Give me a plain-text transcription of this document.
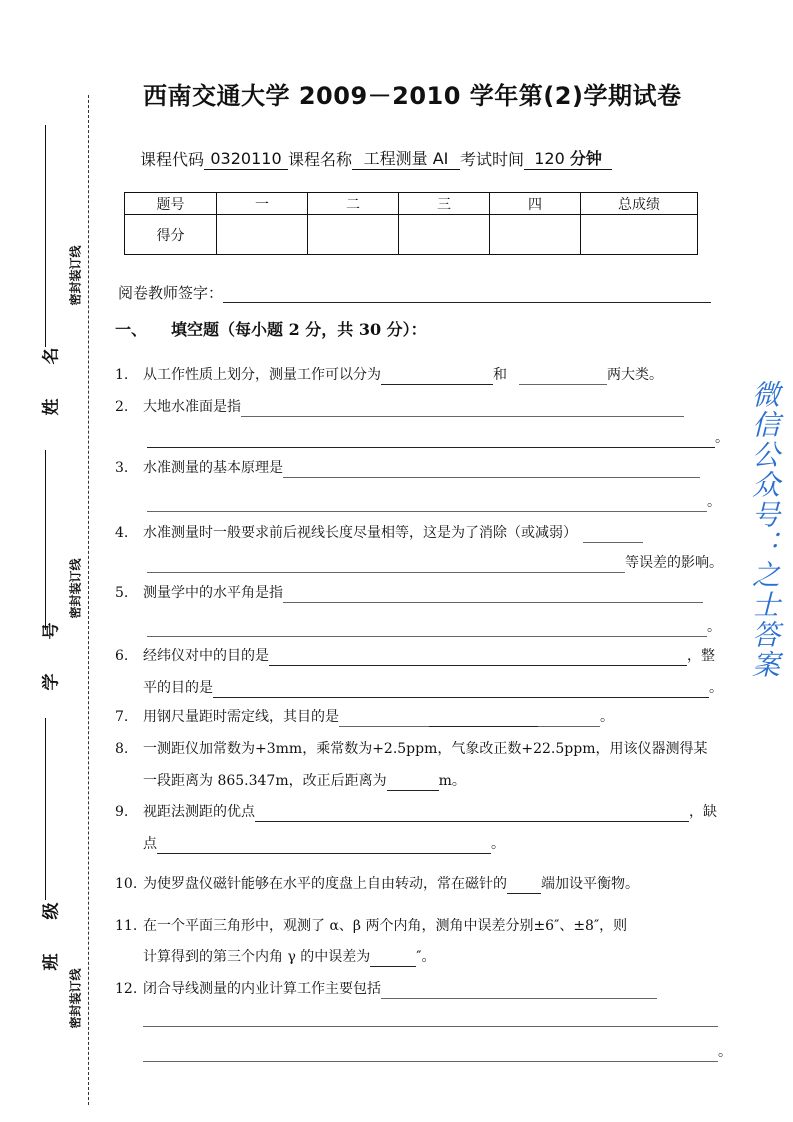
姓 名
学 号
班 级
密封装订线
密封装订线
密封装订线
西南交通大学 2009－2010 学年第(2)学期试卷
课程代码 0320110 课程名称 工程测量 AI 考试时间 120 分钟
题号	一	二	三	四	总成绩
得分					
阅卷教师签字：
一、 填空题（每小题 2 分，共 30 分）：
1.	从工作性质上划分，测量工作可以分为	和	两大类。
2.	大地水准面是指
。
3.	水准测量的基本原理是
。
4.	水准测量时一般要求前后视线长度尽量相等，这是为了消除（或减弱）
等误差的影响。
5.	测量学中的水平角是指
。
6.	经纬仪对中的目的是	，整
平的目的是	。
7.	用钢尺量距时需定线，其目的是	。
8.	一测距仪加常数为+3mm，乘常数为+2.5ppm，气象改正数+22.5ppm，用该仪器测得某
一段距离为 865.347m，改正后距离为	m。
9.	视距法测距的优点	，缺
点	。
10. 为使罗盘仪磁针能够在水平的度盘上自由转动，常在磁针的 端加设平衡物。
11. 在一个平面三角形中，观测了 α、β 两个内角，测角中误差分别±6″、±8″，则
计算得到的第三个内角 γ 的中误差为	″。
12. 闭合导线测量的内业计算工作主要包括
。
微信公众号：之士答案
